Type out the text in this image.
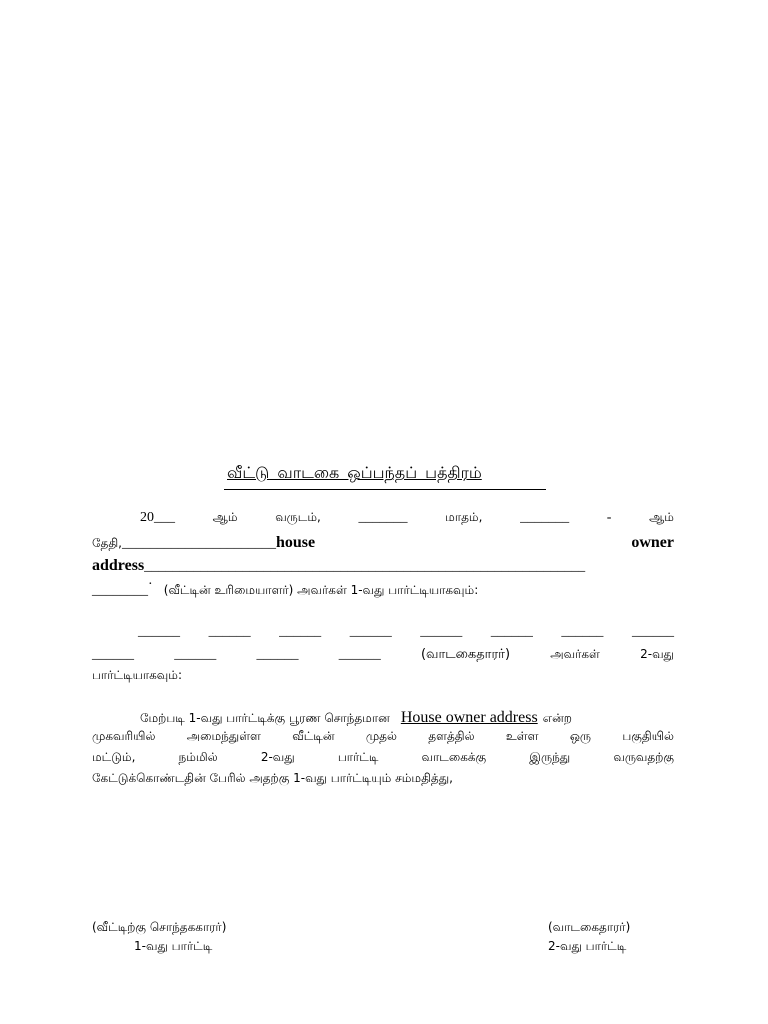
வீட்டு வாடகை ஒப்பந்தப் பத்திரம்
20___	ஆம்	வருடம்,	_______	மாதம்,	_______	-	ஆம்
தேதி,______________________house	owner
address_______________________________________________________________
________· (வீட்டின் உரிமையாளர்) அவர்கள் 1-வது பார்ட்டியாகவும்:
______ ______ ______ ______ ______ ______ ______ ______
______	______	______	______	(வாடகைதாரர்)	அவர்கள்	2-வது
பார்ட்டியாகவும்:
மேற்படி 1-வது பார்ட்டிக்கு பூரண சொந்தமான House owner address என்ற
முகவரியில் அமைந்துள்ள வீட்டின் முதல் தளத்தில் உள்ள ஒரு பகுதியில்
மட்டும்,	நம்மில்	2-வது	பார்ட்டி	வாடகைக்கு	இருந்து	வருவதற்கு
கேட்டுக்கொண்டதின் பேரில் அதற்கு 1-வது பார்ட்டியும் சம்மதித்து,
(வீட்டிற்கு சொந்தககாரர்)
1-வது பார்ட்டி
(வாடகைதாரர்)
2-வது பார்ட்டி
